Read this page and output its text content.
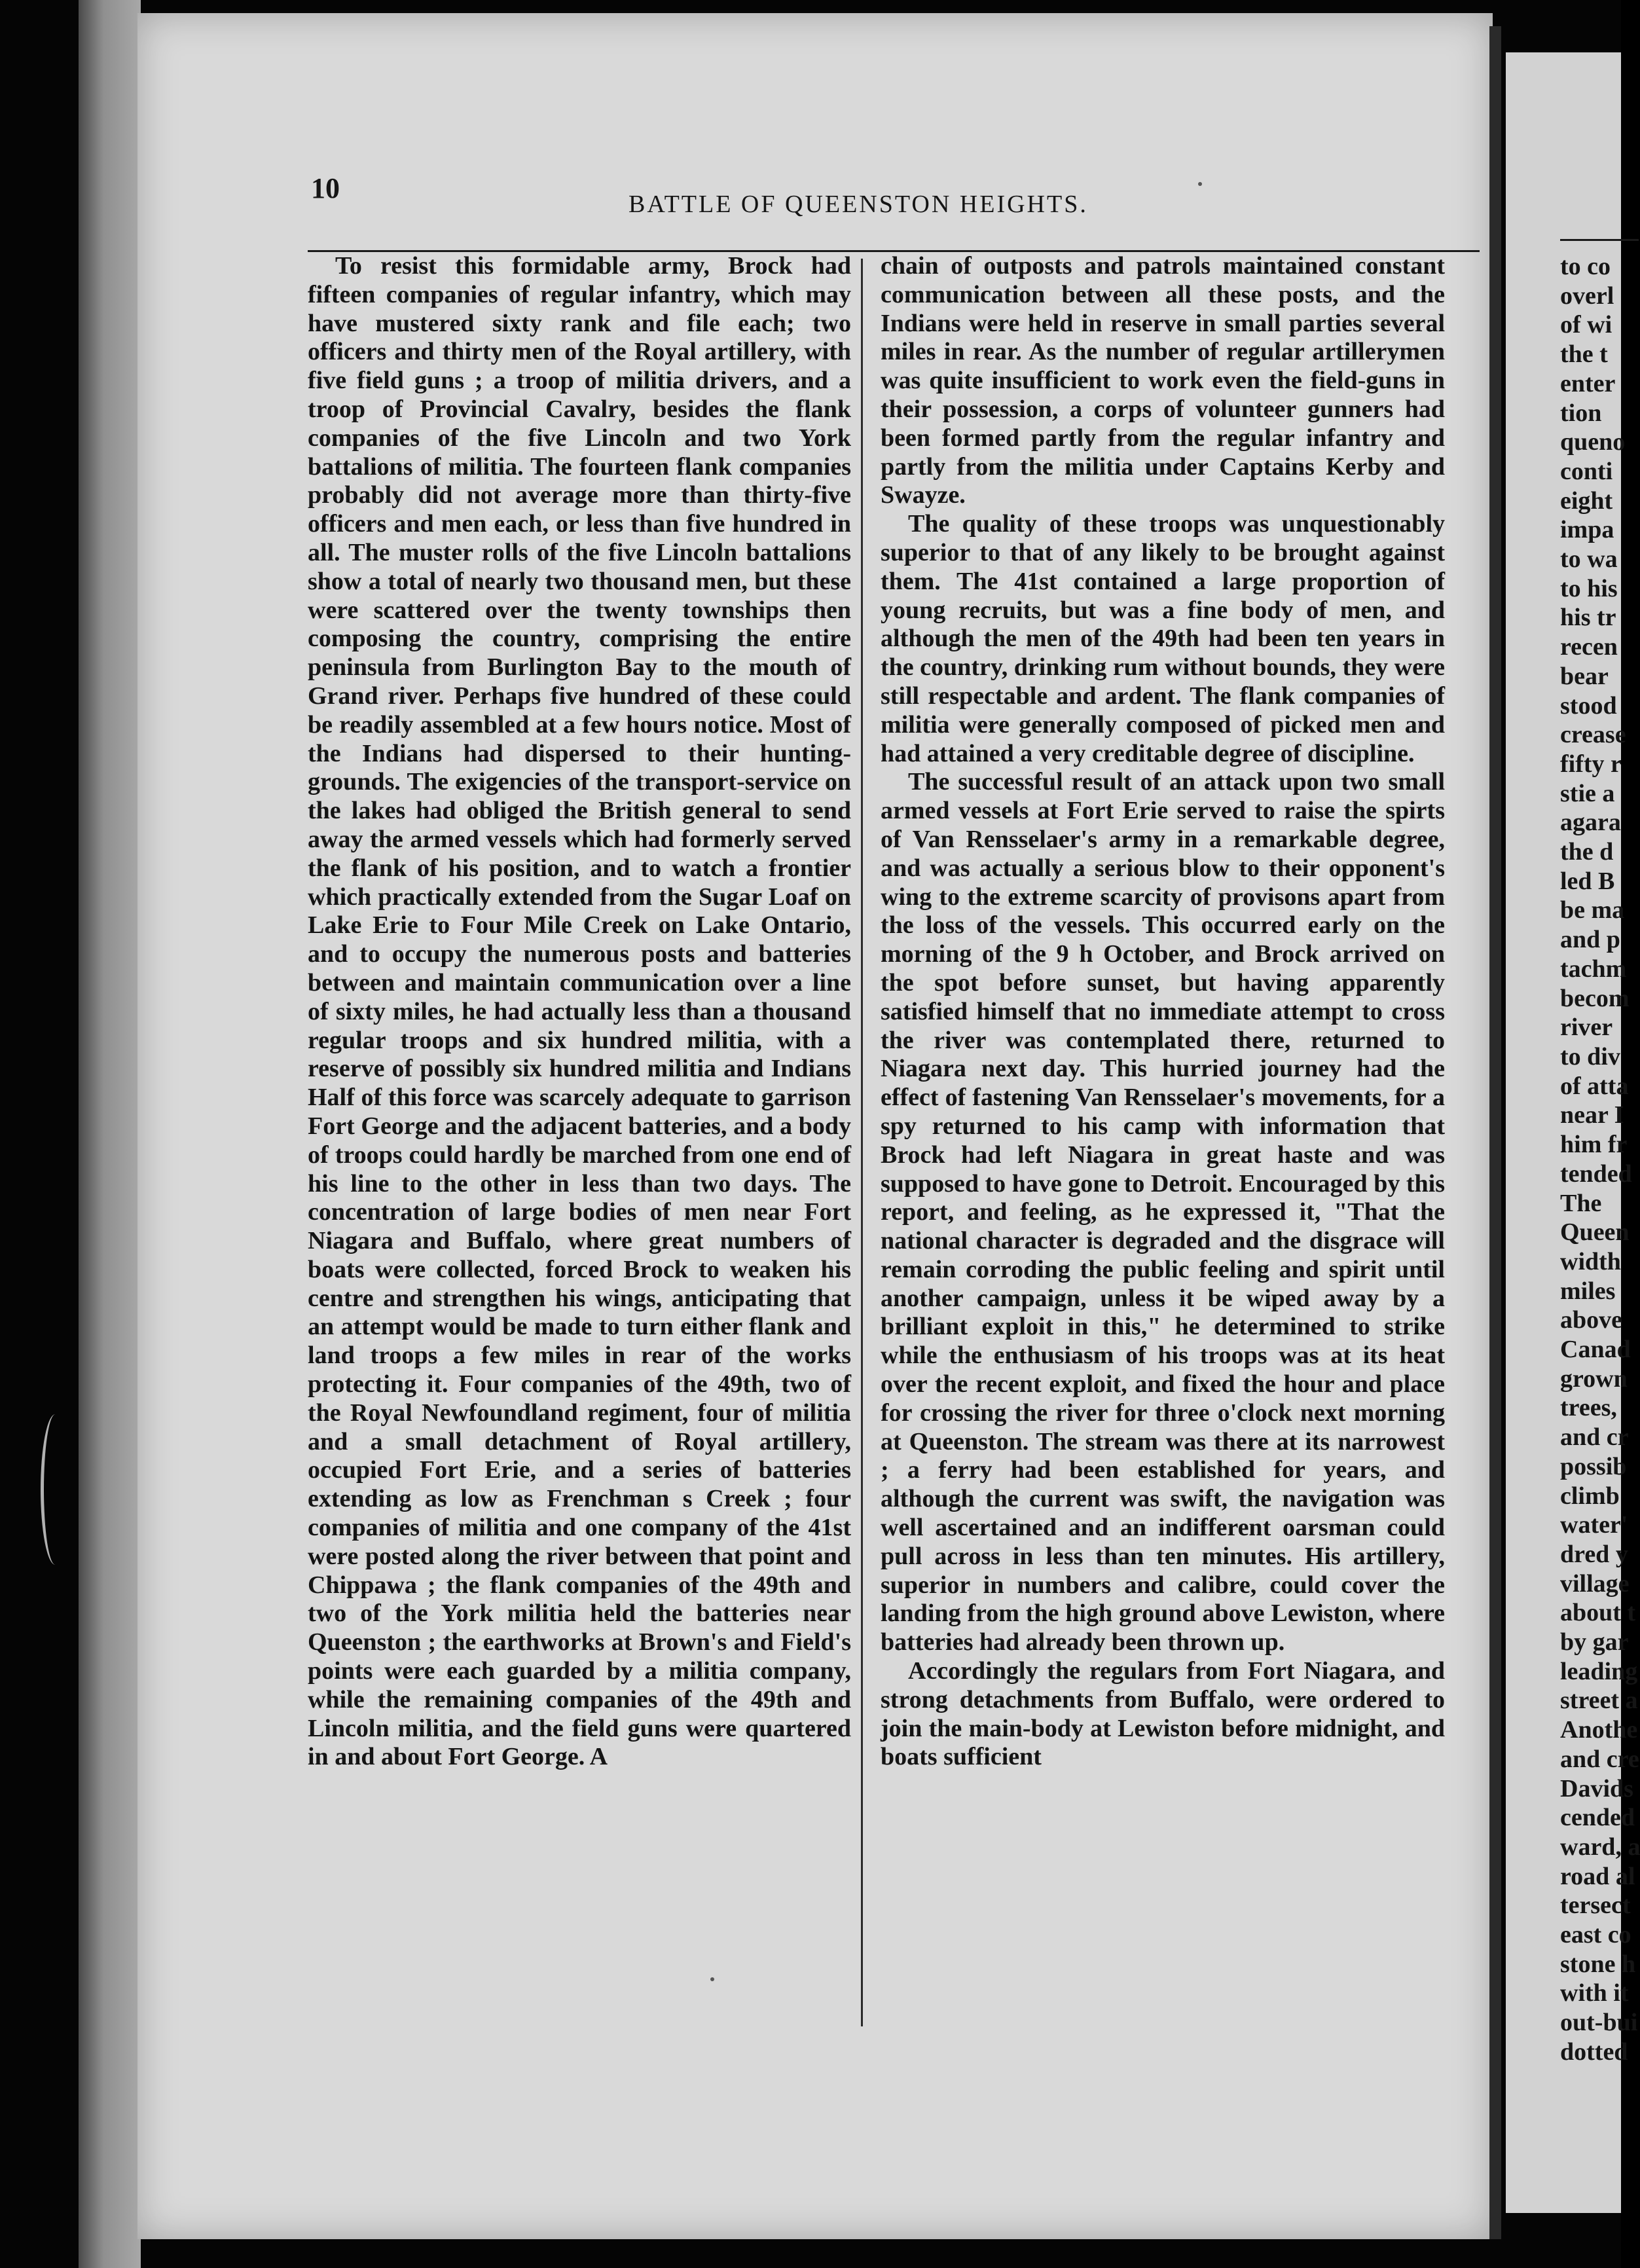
to co
overl
of wi
the t
enter
tion
queno
conti
eight
impa
to wa
to his
his tr
recen
bear
stood
crease
fifty r
stie a
agara
the d
led B
be ma
and p
tachm
becom
river
to div
of atta
near I
him fr
tended
The
Queen
width
miles
above
Canad
grown
trees,
and cr
possib
climb
water'
dred y
village
about t
by gar
leading
street a
Anothe
and cre
Davids
cended
ward, a
road al
tersect
east co
stone h
with it
out-bui
dotted
10	BATTLE OF QUEENSTON HEIGHTS.

To resist this formidable army, Brock had fifteen companies of regular infantry, which may have mustered sixty rank and file each; two officers and thirty men of the Royal artillery, with five field guns ; a troop of militia drivers, and a troop of Provincial Cavalry, besides the flank companies of the five Lincoln and two York battalions of militia. The fourteen flank companies probably did not average more than thirty-five officers and men each, or less than five hundred in all. The muster rolls of the five Lincoln battalions show a total of nearly two thousand men, but these were scattered over the twenty townships then composing the country, comprising the entire peninsula from Burlington Bay to the mouth of Grand river. Perhaps five hundred of these could be readily assembled at a few hours notice. Most of the Indians had dispersed to their hunting-grounds. The exigencies of the transport-service on the lakes had obliged the British general to send away the armed vessels which had formerly served the flank of his position, and to watch a frontier which practically extended from the Sugar Loaf on Lake Erie to Four Mile Creek on Lake Ontario, and to occupy the numerous posts and batteries between and maintain communication over a line of sixty miles, he had actually less than a thousand regular troops and six hundred militia, with a reserve of possibly six hundred militia and Indians Half of this force was scarcely adequate to garrison Fort George and the adjacent batteries, and a body of troops could hardly be marched from one end of his line to the other in less than two days. The concentration of large bodies of men near Fort Niagara and Buffalo, where great numbers of boats were collected, forced Brock to weaken his centre and strengthen his wings, anticipating that an attempt would be made to turn either flank and land troops a few miles in rear of the works protecting it. Four companies of the 49th, two of the Royal Newfoundland regiment, four of militia and a small detachment of Royal artillery, occupied Fort Erie, and a series of batteries extending as low as Frenchman s Creek ; four companies of militia and one company of the 41st were posted along the river between that point and Chippawa ; the flank companies of the 49th and two of the York militia held the batteries near Queenston ; the earthworks at Brown's and Field's points were each guarded by a militia company, while the remaining companies of the 49th and Lincoln militia, and the field guns were quartered in and about Fort George. A

chain of outposts and patrols maintained constant communication between all these posts, and the Indians were held in reserve in small parties several miles in rear. As the number of regular artillerymen was quite insufficient to work even the field-guns in their possession, a corps of volunteer gunners had been formed partly from the regular infantry and partly from the militia under Captains Kerby and Swayze.

The quality of these troops was unquestionably superior to that of any likely to be brought against them. The 41st contained a large proportion of young recruits, but was a fine body of men, and although the men of the 49th had been ten years in the country, drinking rum without bounds, they were still respectable and ardent. The flank companies of militia were generally composed of picked men and had attained a very creditable degree of discipline.

The successful result of an attack upon two small armed vessels at Fort Erie served to raise the spirts of Van Rensselaer's army in a remarkable degree, and was actually a serious blow to their opponent's wing to the extreme scarcity of provisons apart from the loss of the vessels. This occurred early on the morning of the 9 h October, and Brock arrived on the spot before sunset, but having apparently satisfied himself that no immediate attempt to cross the river was contemplated there, returned to Niagara next day. This hurried journey had the effect of fastening Van Rensselaer's movements, for a spy returned to his camp with information that Brock had left Niagara in great haste and was supposed to have gone to Detroit. Encouraged by this report, and feeling, as he expressed it, "That the national character is degraded and the disgrace will remain corroding the public feeling and spirit until another campaign, unless it be wiped away by a brilliant exploit in this," he determined to strike while the enthusiasm of his troops was at its heat over the recent exploit, and fixed the hour and place for crossing the river for three o'clock next morning at Queenston. The stream was there at its narrowest ; a ferry had been established for years, and although the current was swift, the navigation was well ascertained and an indifferent oarsman could pull across in less than ten minutes. His artillery, superior in numbers and calibre, could cover the landing from the high ground above Lewiston, where batteries had already been thrown up.

Accordingly the regulars from Fort Niagara, and strong detachments from Buffalo, were ordered to join the main-body at Lewiston before midnight, and boats sufficient
